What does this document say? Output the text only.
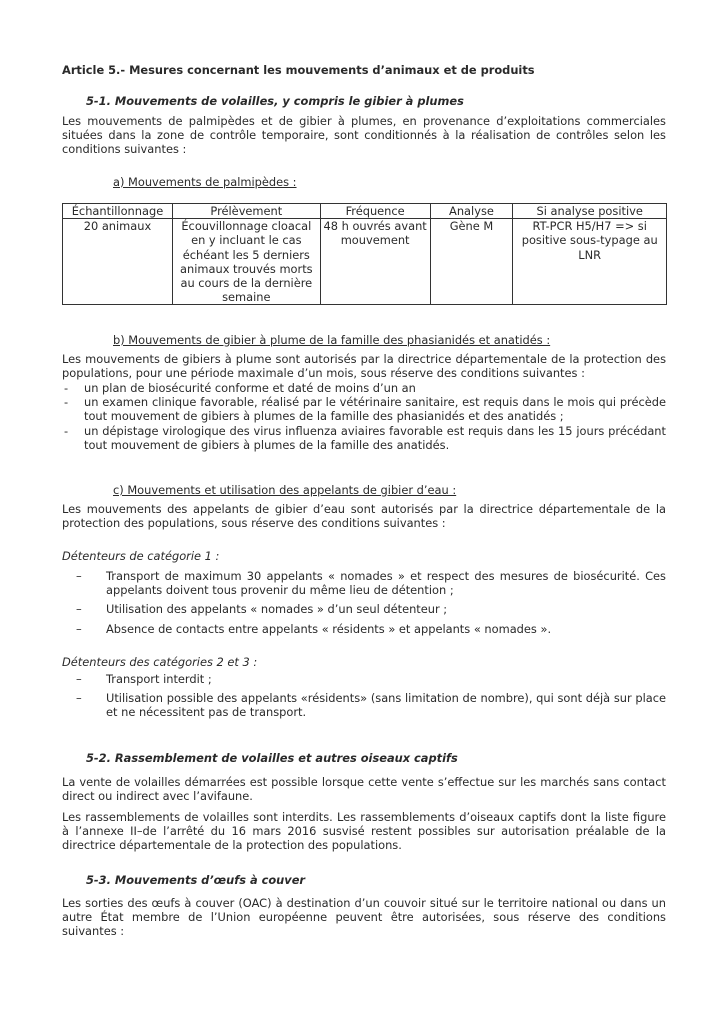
Article 5.- Mesures concernant les mouvements d’animaux et de produits
5-1. Mouvements de volailles, y compris le gibier à plumes

Les mouvements de palmipèdes et de gibier à plumes, en provenance d’exploitations commerciales situées dans la zone de contrôle temporaire, sont conditionnés à la réalisation de contrôles selon les conditions suivantes :

a) Mouvements de palmipèdes :
Échantillonnage	Prélèvement	Fréquence	Analyse	Si analyse positive
20 animaux	Écouvillonnage cloacal en y incluant le cas échéant les 5 derniers animaux trouvés morts au cours de la dernière semaine	48 h ouvrés avant mouvement	Gène M	RT-PCR H5/H7 => si positive sous-typage au LNR
b) Mouvements de gibier à plume de la famille des phasianidés et anatidés :

Les mouvements de gibiers à plume sont autorisés par la directrice départementale de la protection des populations, pour une période maximale d’un mois, sous réserve des conditions suivantes :

- un plan de biosécurité conforme et daté de moins d’un an
- un examen clinique favorable, réalisé par le vétérinaire sanitaire, est requis dans le mois qui précède tout mouvement de gibiers à plumes de la famille des phasianidés et des anatidés ;
- un dépistage virologique des virus influenza aviaires favorable est requis dans les 15 jours précédant tout mouvement de gibiers à plumes de la famille des anatidés.
c) Mouvements et utilisation des appelants de gibier d’eau :

Les mouvements des appelants de gibier d’eau sont autorisés par la directrice départementale de la protection des populations, sous réserve des conditions suivantes :

Détenteurs de catégorie 1 :
– Transport de maximum 30 appelants « nomades » et respect des mesures de biosécurité. Ces appelants doivent tous provenir du même lieu de détention ;
– Utilisation des appelants « nomades » d’un seul détenteur ;
– Absence de contacts entre appelants « résidents » et appelants « nomades ».
Détenteurs des catégories 2 et 3 :
– Transport interdit ;
– Utilisation possible des appelants «résidents» (sans limitation de nombre), qui sont déjà sur place et ne nécessitent pas de transport.
5-2. Rassemblement de volailles et autres oiseaux captifs

La vente de volailles démarrées est possible lorsque cette vente s’effectue sur les marchés sans contact direct ou indirect avec l’avifaune.

Les rassemblements de volailles sont interdits. Les rassemblements d’oiseaux captifs dont la liste figure à l’annexe II–de l’arrêté du 16 mars 2016 susvisé restent possibles sur autorisation préalable de la directrice départementale de la protection des populations.

5-3. Mouvements d’œufs à couver

Les sorties des œufs à couver (OAC) à destination d’un couvoir situé sur le territoire national ou dans un autre État membre de l’Union européenne peuvent être autorisées, sous réserve des conditions suivantes :
